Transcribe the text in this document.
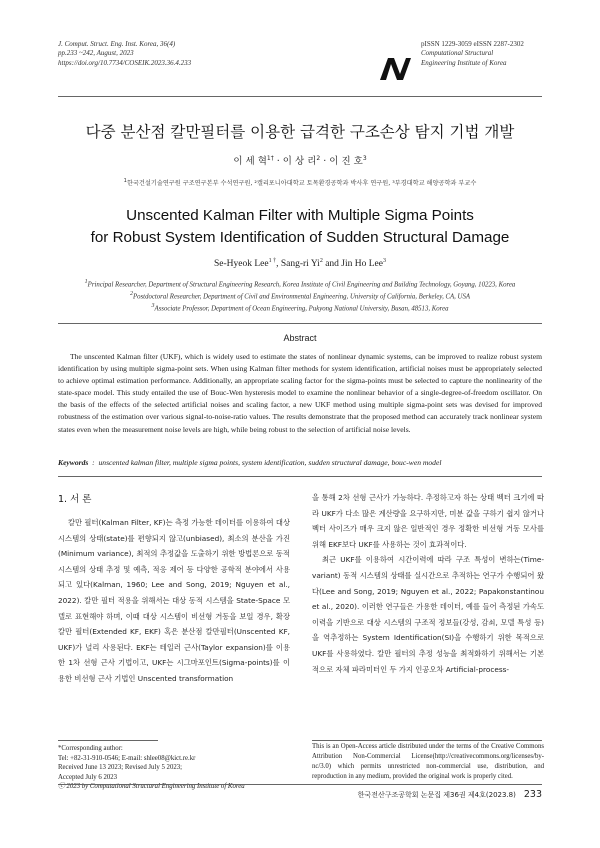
J. Comput. Struct. Eng. Inst. Korea, 36(4)
pp.233 ~242, August, 2023
https://doi.org/10.7734/COSEIK.2023.36.4.233
pISSN 1229-3059 eISSN 2287-2302
Computational Structural
Engineering Institute of Korea
다중 분산점 칼만필터를 이용한 급격한 구조손상 탐지 기법 개발
이 세 혁$^{1\dagger}$ · 이 상 리$^2$ · 이 진 호$^3$
$^1$한국건설기술연구원 구조연구본부 수석연구원, ²캘리포니아대학교 토목환경공학과 박사후 연구원, ³부경대학교 해양공학과 부교수
Unscented Kalman Filter with Multiple Sigma Points
for Robust System Identification of Sudden Structural Damage
Se-Hyeok Lee$^{1 \dagger}$, Sang-ri Yi$^2$ and Jin Ho Lee$^3$
$^1$Principal Researcher, Department of Structural Engineering Research, Korea Institute of Civil Engineering and Building Technology, Goyang, 10223, Korea
$^2$Postdoctoral Researcher, Department of Civil and Environmental Engineering, University of California, Berkeley, CA, USA
$^3$Associate Professor, Department of Ocean Engineering, Pukyong National University, Busan, 48513, Korea
Abstract
The unscented Kalman filter (UKF), which is widely used to estimate the states of nonlinear dynamic systems, can be improved to realize robust system identification by using multiple sigma-point sets. When using Kalman filter methods for system identification, artificial noises must be appropriately selected to achieve optimal estimation performance. Additionally, an appropriate scaling factor for the sigma-points must be selected to capture the nonlinearity of the state-space model. This study entailed the use of Bouc-Wen hysteresis model to examine the nonlinear behavior of a single-degree-of-freedom oscillator. On the basis of the effects of the selected artificial noises and scaling factor, a new UKF method using multiple sigma-point sets was devised for improved robustness of the estimation over various signal-to-noise-ratio values. The results demonstrate that the proposed method can accurately track nonlinear system states even when the measurement noise levels are high, while being robust to the selection of artificial noise levels.
Keywords  :  unscented kalman filter, multiple sigma points, system identification, sudden structural damage, bouc-wen model
1. 서 론
칼만 필터(Kalman Filter, KF)는 측정 가능한 데이터를 이용하여 대상 시스템의 상태(state)를 편향되지 않고(unbiased), 최소의 분산을 가진(Minimum variance), 최적의 추정값을 도출하기 위한 방법론으로 동적 시스템의 상태 추정 및 예측, 적응 제어 등 다양한 공학적 분야에서 사용되고 있다(Kalman, 1960; Lee and Song, 2019; Nguyen et al., 2022). 칼만 필터 적용을 위해서는 대상 동적 시스템을 State-Space 모델로 표현해야 하며, 이때 대상 시스템이 비선형 거동을 보일 경우, 확장 칼만 필터(Extended KF, EKF) 혹은 분산점 칼만필터(Unscented KF, UKF)가 널리 사용된다. EKF는 테일러 근사(Taylor expansion)를 이용한 1차 선형 근사 기법이고, UKF는 시그마포인트(Sigma-points)를 이용한 비선형 근사 기법인 Unscented transformation

을 통해 2차 선형 근사가 가능하다. 추정하고자 하는 상태 벡터 크기에 따라 UKF가 다소 많은 계산량을 요구하지만, 미분 값을 구하기 쉽지 않거나 벡터 사이즈가 매우 크지 않은 일반적인 경우 정확한 비선형 거동 모사를 위해 EKF보다 UKF를 사용하는 것이 효과적이다.

최근 UKF를 이용하여 시간이력에 따라 구조 특성이 변하는(Time-variant) 동적 시스템의 상태를 실시간으로 추적하는 연구가 수행되어 왔다(Lee and Song, 2019; Nguyen et al., 2022; Papakonstantinou et al., 2020). 이러한 연구들은 가용한 데이터, 예를 들어 측정된 가속도 이력을 기반으로 대상 시스템의 구조적 정보들(강성, 감쇠, 모델 특성 등)을 역추정하는 System Identification(SI)을 수행하기 위한 목적으로 UKF를 사용하였다. 칼만 필터의 추정 성능을 최적화하기 위해서는 기본적으로 자체 파라미터인 두 가지 인공오차 Artificial-process-

*Corresponding author:
Tel: +82-31-910-0546; E-mail: shlee08@kict.re.kr
Received June 13 2023; Revised July 5 2023;
Accepted July 6 2023
ⓒ 2023 by Computational Structural Engineering Institute of Korea
This is an Open-Access article distributed under the terms of the Creative Commons Attribution Non-Commercial License(http://creativecommons.org/licenses/by-nc/3.0) which permits unrestricted non-commercial use, distribution, and reproduction in any medium, provided the original work is properly cited.
한국전산구조공학회 논문집 제36권 제4호(2023.8) 233
